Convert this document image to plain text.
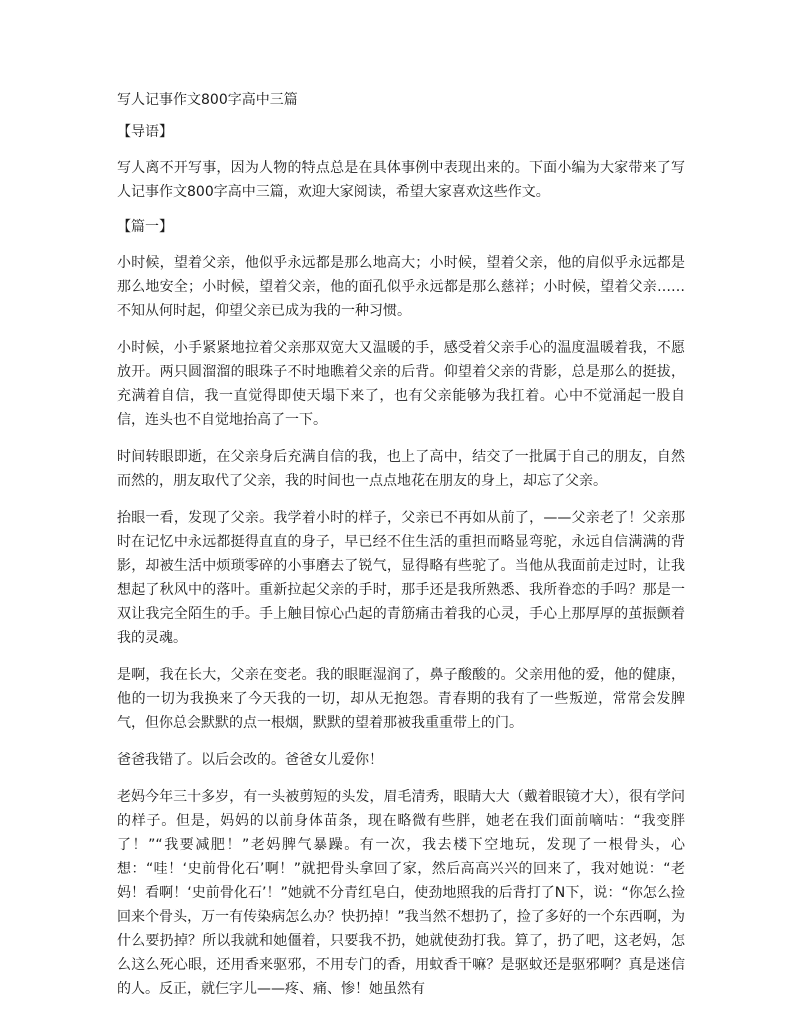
写人记事作文800字高中三篇
【导语】
写人离不开写事，因为人物的特点总是在具体事例中表现出来的。下面小编为大家带来了写人记事作文800字高中三篇，欢迎大家阅读，希望大家喜欢这些作文。
【篇一】
小时候，望着父亲，他似乎永远都是那么地高大；小时候，望着父亲，他的肩似乎永远都是那么地安全；小时候，望着父亲，他的面孔似乎永远都是那么慈祥；小时候，望着父亲……不知从何时起，仰望父亲已成为我的一种习惯。
小时候，小手紧紧地拉着父亲那双宽大又温暖的手，感受着父亲手心的温度温暖着我，不愿放开。两只圆溜溜的眼珠子不时地瞧着父亲的后背。仰望着父亲的背影，总是那么的挺拔，充满着自信，我一直觉得即使天塌下来了，也有父亲能够为我扛着。心中不觉涌起一股自信，连头也不自觉地抬高了一下。
时间转眼即逝，在父亲身后充满自信的我，也上了高中，结交了一批属于自己的朋友，自然而然的，朋友取代了父亲，我的时间也一点点地花在朋友的身上，却忘了父亲。
抬眼一看，发现了父亲。我学着小时的样子，父亲已不再如从前了，——父亲老了！父亲那时在记忆中永远都挺得直直的身子，早已经不住生活的重担而略显弯驼，永远自信满满的背影，却被生活中烦琐零碎的小事磨去了锐气，显得略有些驼了。当他从我面前走过时，让我想起了秋风中的落叶。重新拉起父亲的手时，那手还是我所熟悉、我所眷恋的手吗？那是一双让我完全陌生的手。手上触目惊心凸起的青筋痛击着我的心灵，手心上那厚厚的茧振颤着我的灵魂。
是啊，我在长大，父亲在变老。我的眼眶湿润了，鼻子酸酸的。父亲用他的爱，他的健康，他的一切为我换来了今天我的一切，却从无抱怨。青春期的我有了一些叛逆，常常会发脾气，但你总会默默的点一根烟，默默的望着那被我重重带上的门。
爸爸我错了。以后会改的。爸爸女儿爱你！
老妈今年三十多岁，有一头被剪短的头发，眉毛清秀，眼睛大大（戴着眼镜才大），很有学问的样子。但是，妈妈的以前身体苗条，现在略微有些胖，她老在我们面前嘀咕：“我变胖了！”“我要减肥！”老妈脾气暴躁。有一次，我去楼下空地玩，发现了一根骨头，心想：“哇！‘史前骨化石’啊！”就把骨头拿回了家，然后高高兴兴的回来了，我对她说：“老妈！看啊！‘史前骨化石’！”她就不分青红皂白，使劲地照我的后背打了N下，说：“你怎么捡回来个骨头，万一有传染病怎么办？快扔掉！”我当然不想扔了，捡了多好的一个东西啊，为什么要扔掉？所以我就和她僵着，只要我不扔，她就使劲打我。算了，扔了吧，这老妈，怎么这么死心眼，还用香来驱邪，不用专门的香，用蚊香干嘛？是驱蚊还是驱邪啊？真是迷信的人。反正，就仨字儿——疼、痛、惨！她虽然有
